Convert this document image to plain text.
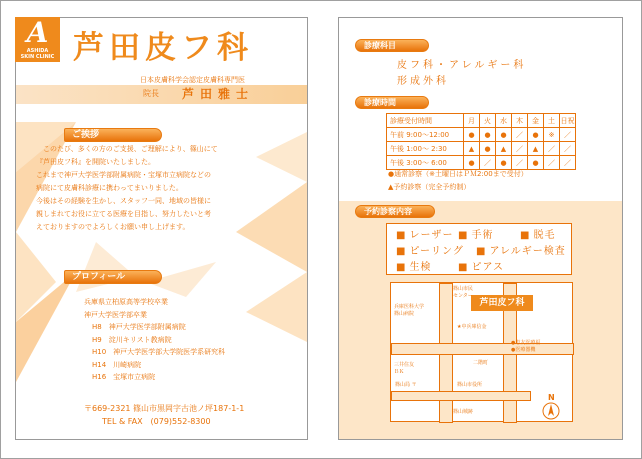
A
ASHIDA
SKIN CLINIC 芦田皮フ科
日本皮膚科学会認定皮膚科専門医
院長 芦田雅士
ご挨拶
　このたび、多くの方のご支援、ご理解により、篠山にて
『芦田皮フ科』を開院いたしました。
これまで神戸大学医学部附属病院・宝塚市立病院などの
病院にて皮膚科診療に携わってまいりました。
今後はその経験を生かし、スタッフ一同、地域の皆様に
親しまれてお役に立てる医療を目指し、努力したいと考
えておりますのでよろしくお願い申し上げます。
プロフィール
兵庫県立柏原高等学校卒業
神戸大学医学部卒業
H8　神戸大学医学部附属病院
H9　淀川キリスト教病院
H10　神戸大学医学部大学院医学系研究科
H14　川崎病院
H16　宝塚市立病院
〒669-2321 篠山市黒岡字古池ノ坪187-1-1
TEL & FAX　(079)552-8300
診療科目
皮フ科・アレルギー科
形成外科
診療時間
診療受付時間	月	火	水	木	金	土	日祝
午前 9:00～12:00	●	●	●	／	●	※	／
午後 1:00～ 2:30	▲	●	▲	／	▲	／	／
午後 3:00～ 6:00	●	／	●	／	●	／	／
●通常診察（※土曜日はＰＭ2:00まで受付）
▲予約診察（完全予約制）
予約診察内容
■ レーザー ■ 手術	■ 脱毛
■ ピーリング ■ アレルギー検査
■ 生検	■ ピアス
芦田皮フ科
篠山市民
センター
兵庫医科大学
篠山病院
★中兵庫信金
●恵友医療福
●医療器機
三井住友
ＢＫ
二階町
篠山局 〒	篠山市役所
篠山城跡
N
